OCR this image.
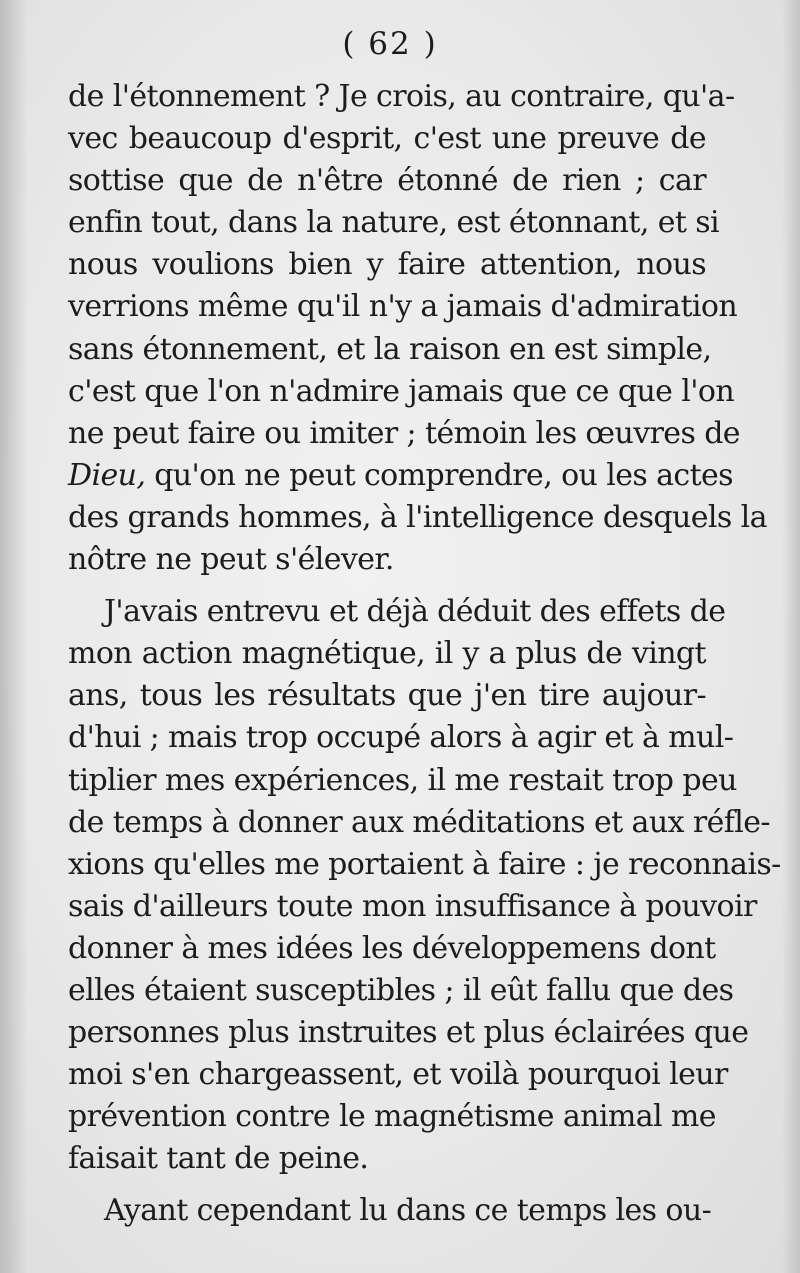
( 62 )
de l'étonnement ? Je crois, au contraire, qu'a-
vec beaucoup d'esprit, c'est une preuve de
sottise que de n'être étonné de rien ; car
enfin tout, dans la nature, est étonnant, et si
nous voulions bien y faire attention, nous
verrions même qu'il n'y a jamais d'admiration
sans étonnement, et la raison en est simple,
c'est que l'on n'admire jamais que ce que l'on
ne peut faire ou imiter ; témoin les œuvres de
Dieu, qu'on ne peut comprendre, ou les actes
des grands hommes, à l'intelligence desquels la
nôtre ne peut s'élever.
J'avais entrevu et déjà déduit des effets de
mon action magnétique, il y a plus de vingt
ans, tous les résultats que j'en tire aujour-
d'hui ; mais trop occupé alors à agir et à mul-
tiplier mes expériences, il me restait trop peu
de temps à donner aux méditations et aux réfle-
xions qu'elles me portaient à faire : je reconnais-
sais d'ailleurs toute mon insuffisance à pouvoir
donner à mes idées les développemens dont
elles étaient susceptibles ; il eût fallu que des
personnes plus instruites et plus éclairées que
moi s'en chargeassent, et voilà pourquoi leur
prévention contre le magnétisme animal me
faisait tant de peine.
Ayant cependant lu dans ce temps les ou-
